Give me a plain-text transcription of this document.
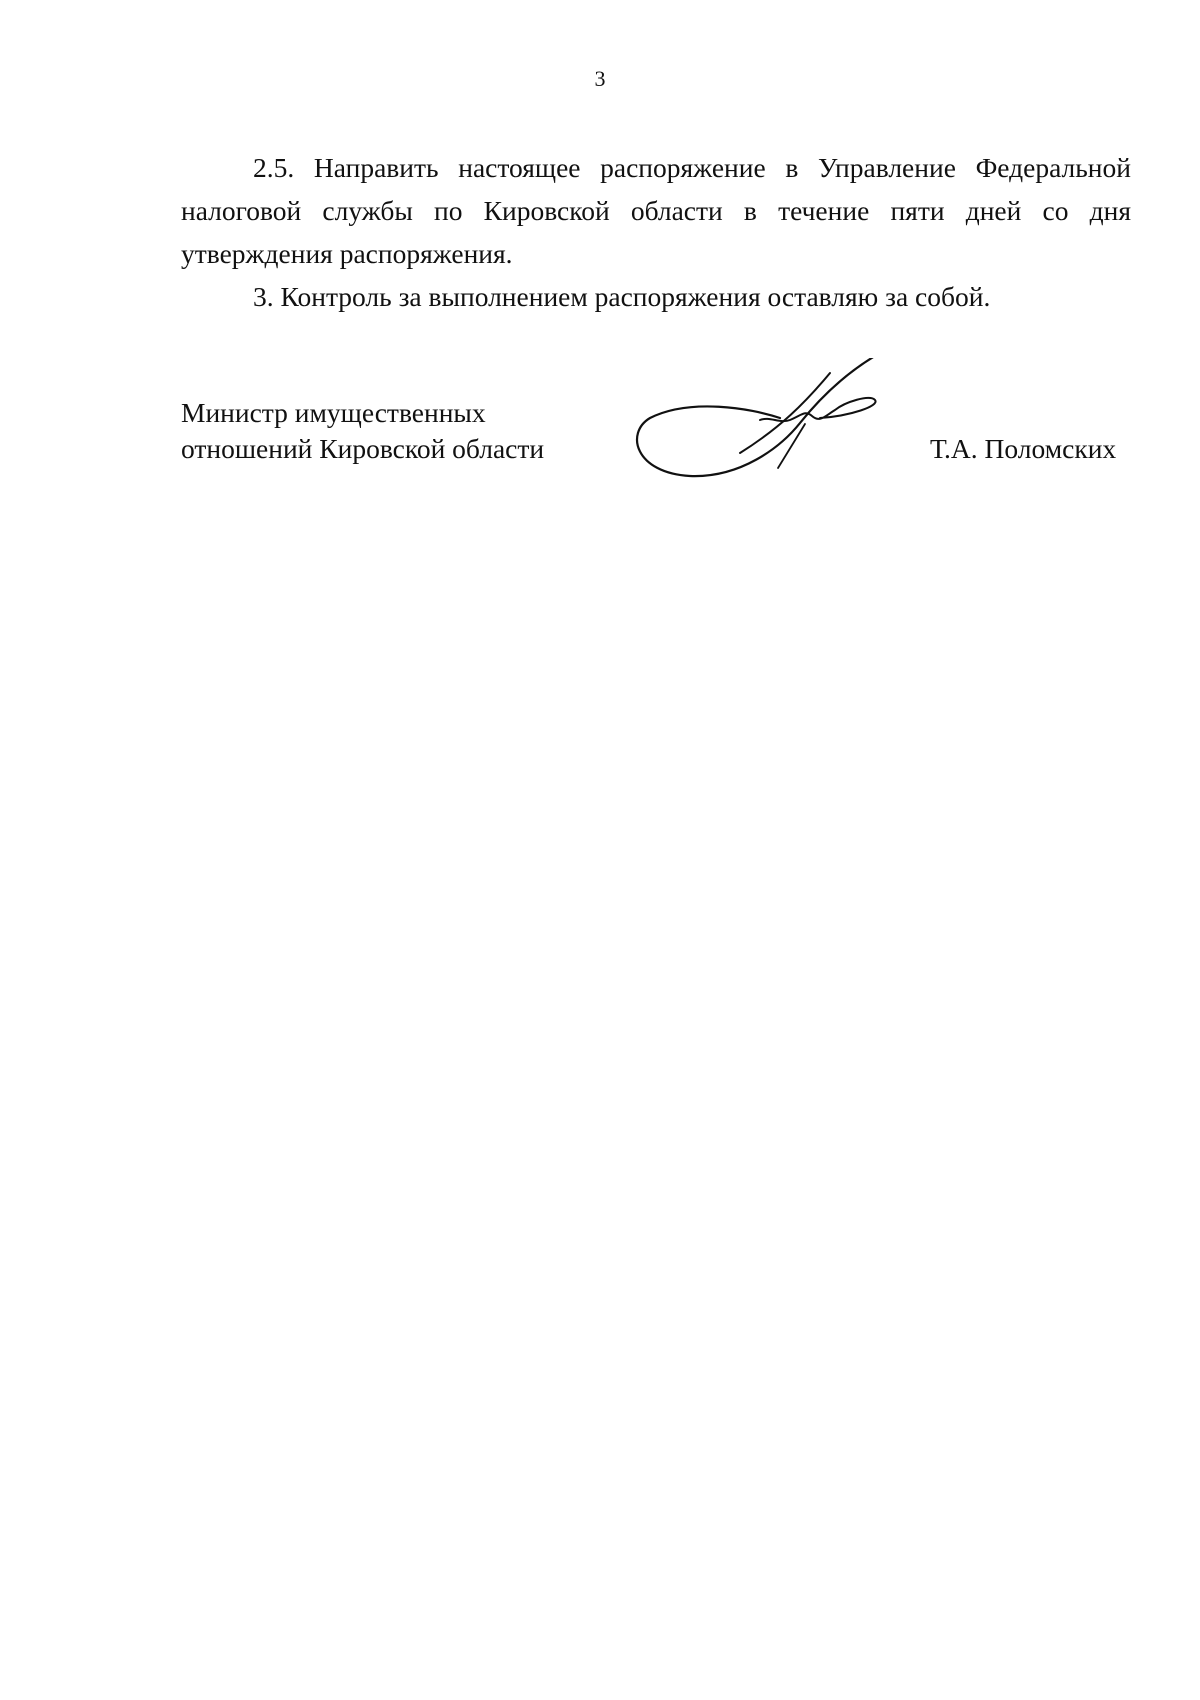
3

2.5. Направить настоящее распоряжение в Управление Федеральной налоговой службы по Кировской области в течение пяти дней со дня утверждения распоряжения.

3. Контроль за выполнением распоряжения оставляю за собой.

Министр имущественных
отношений Кировской области	Т.А. Поломских
